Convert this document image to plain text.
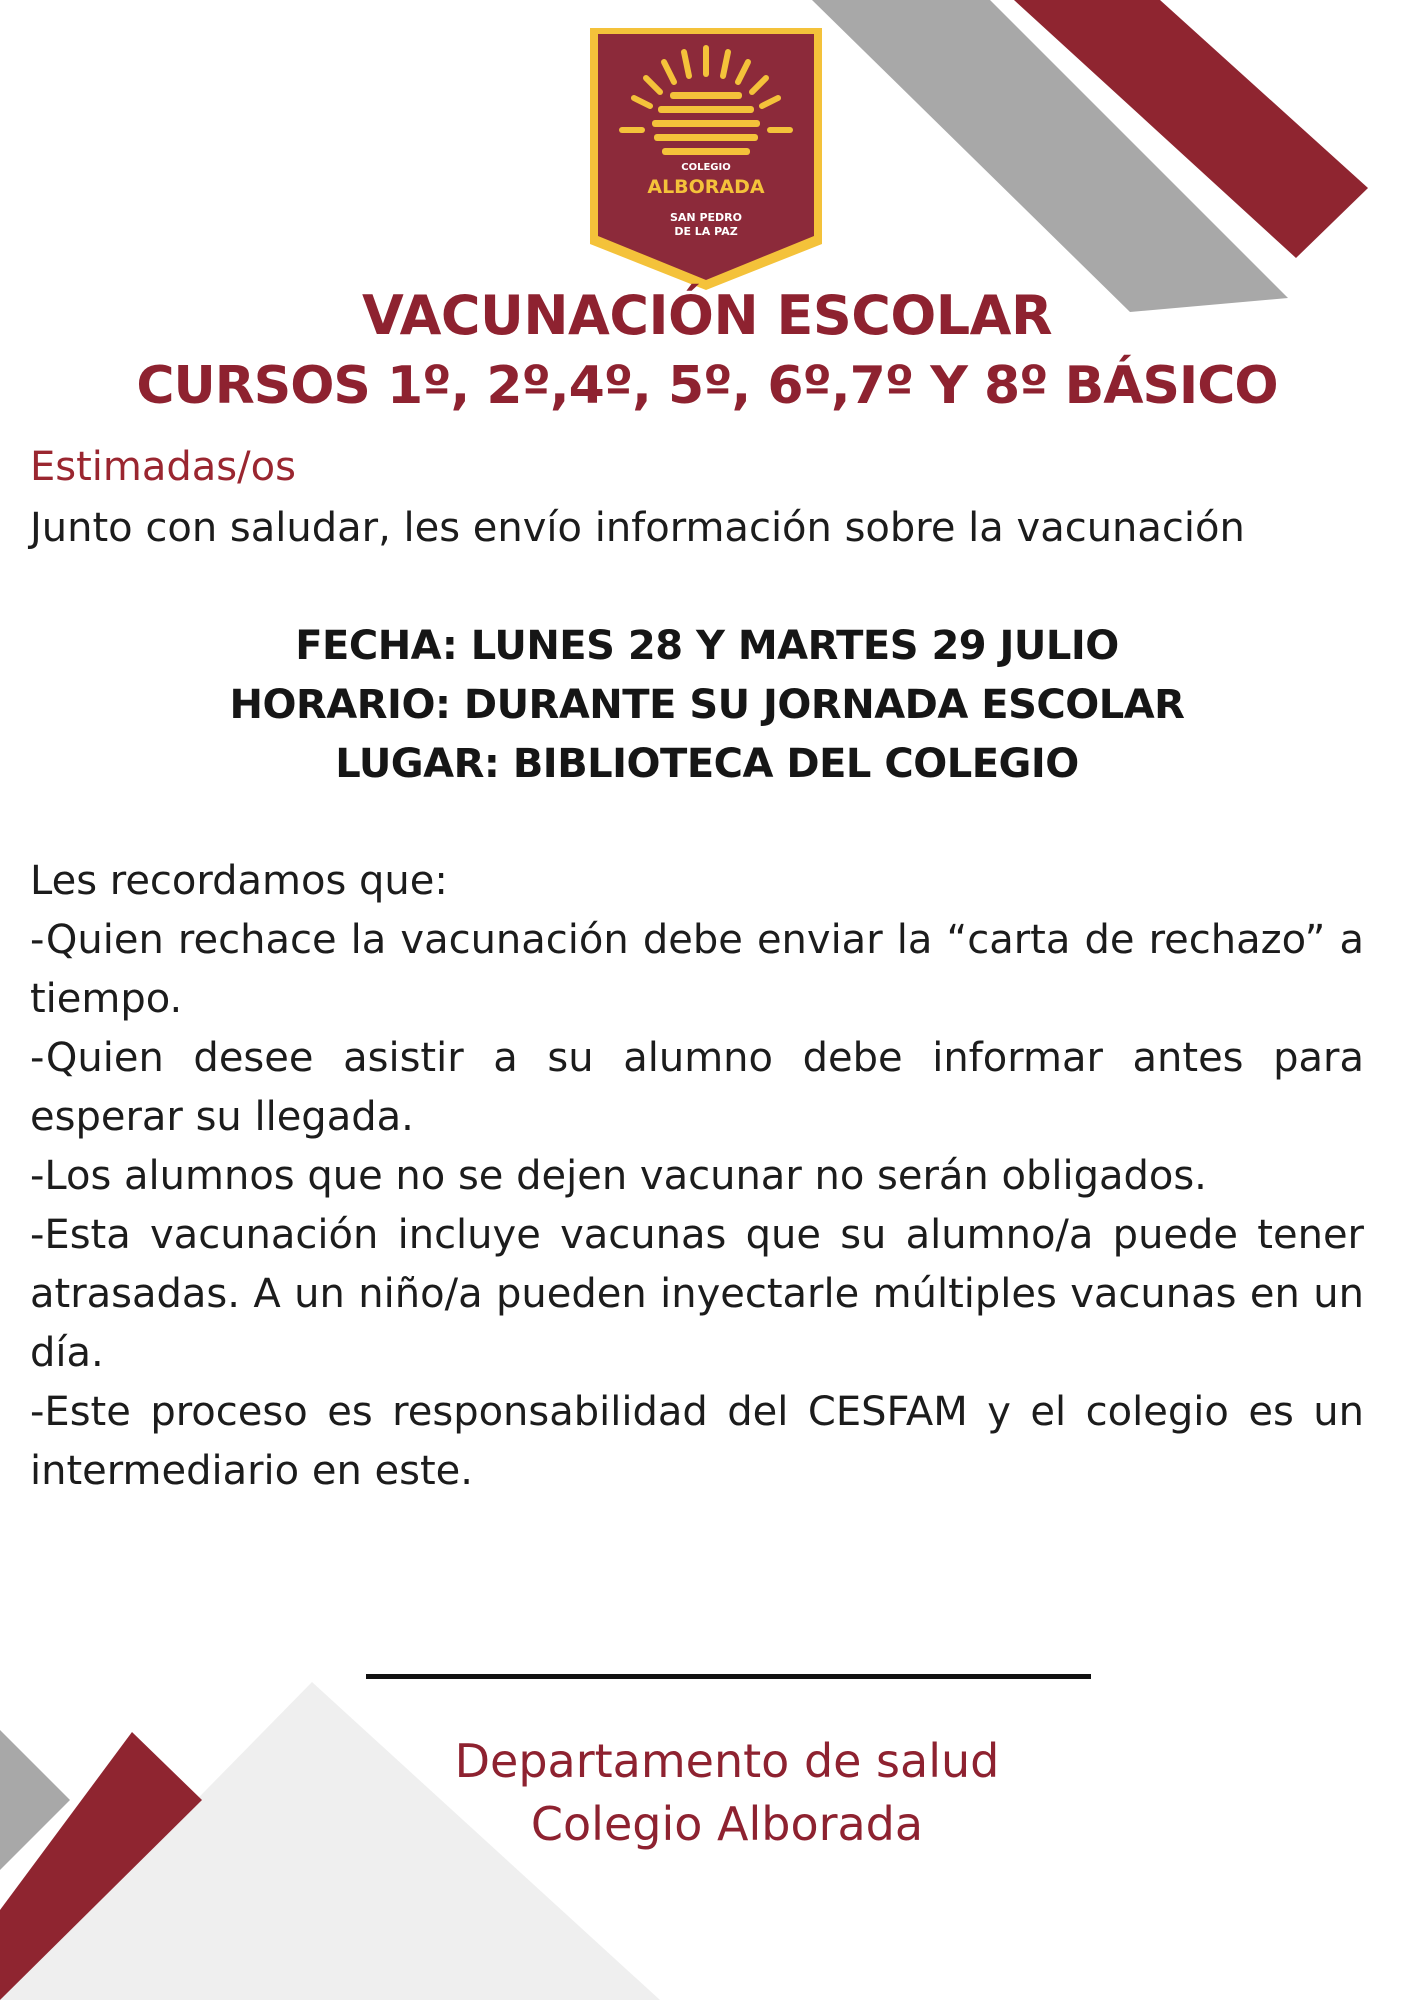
COLEGIO
ALBORADA
SAN PEDRO
DE LA PAZ
VACUNACIÓN ESCOLAR
CURSOS 1º, 2º,4º, 5º, 6º,7º Y 8º BÁSICO

Estimadas/os

Junto con saludar, les envío información sobre la vacunación

FECHA: LUNES 28 Y MARTES 29 JULIO
HORARIO: DURANTE SU JORNADA ESCOLAR
LUGAR: BIBLIOTECA DEL COLEGIO

Les recordamos que:

-Quien rechace la vacunación debe enviar la “carta de rechazo” a tiempo.

-Quien desee asistir a su alumno debe informar antes para esperar su llegada.

-Los alumnos que no se dejen vacunar no serán obligados.

-Esta vacunación incluye vacunas que su alumno/a puede tener atrasadas. A un niño/a pueden inyectarle múltiples vacunas en un día.

-Este proceso es responsabilidad del CESFAM y el colegio es un intermediario en este.

Departamento de salud
Colegio Alborada
